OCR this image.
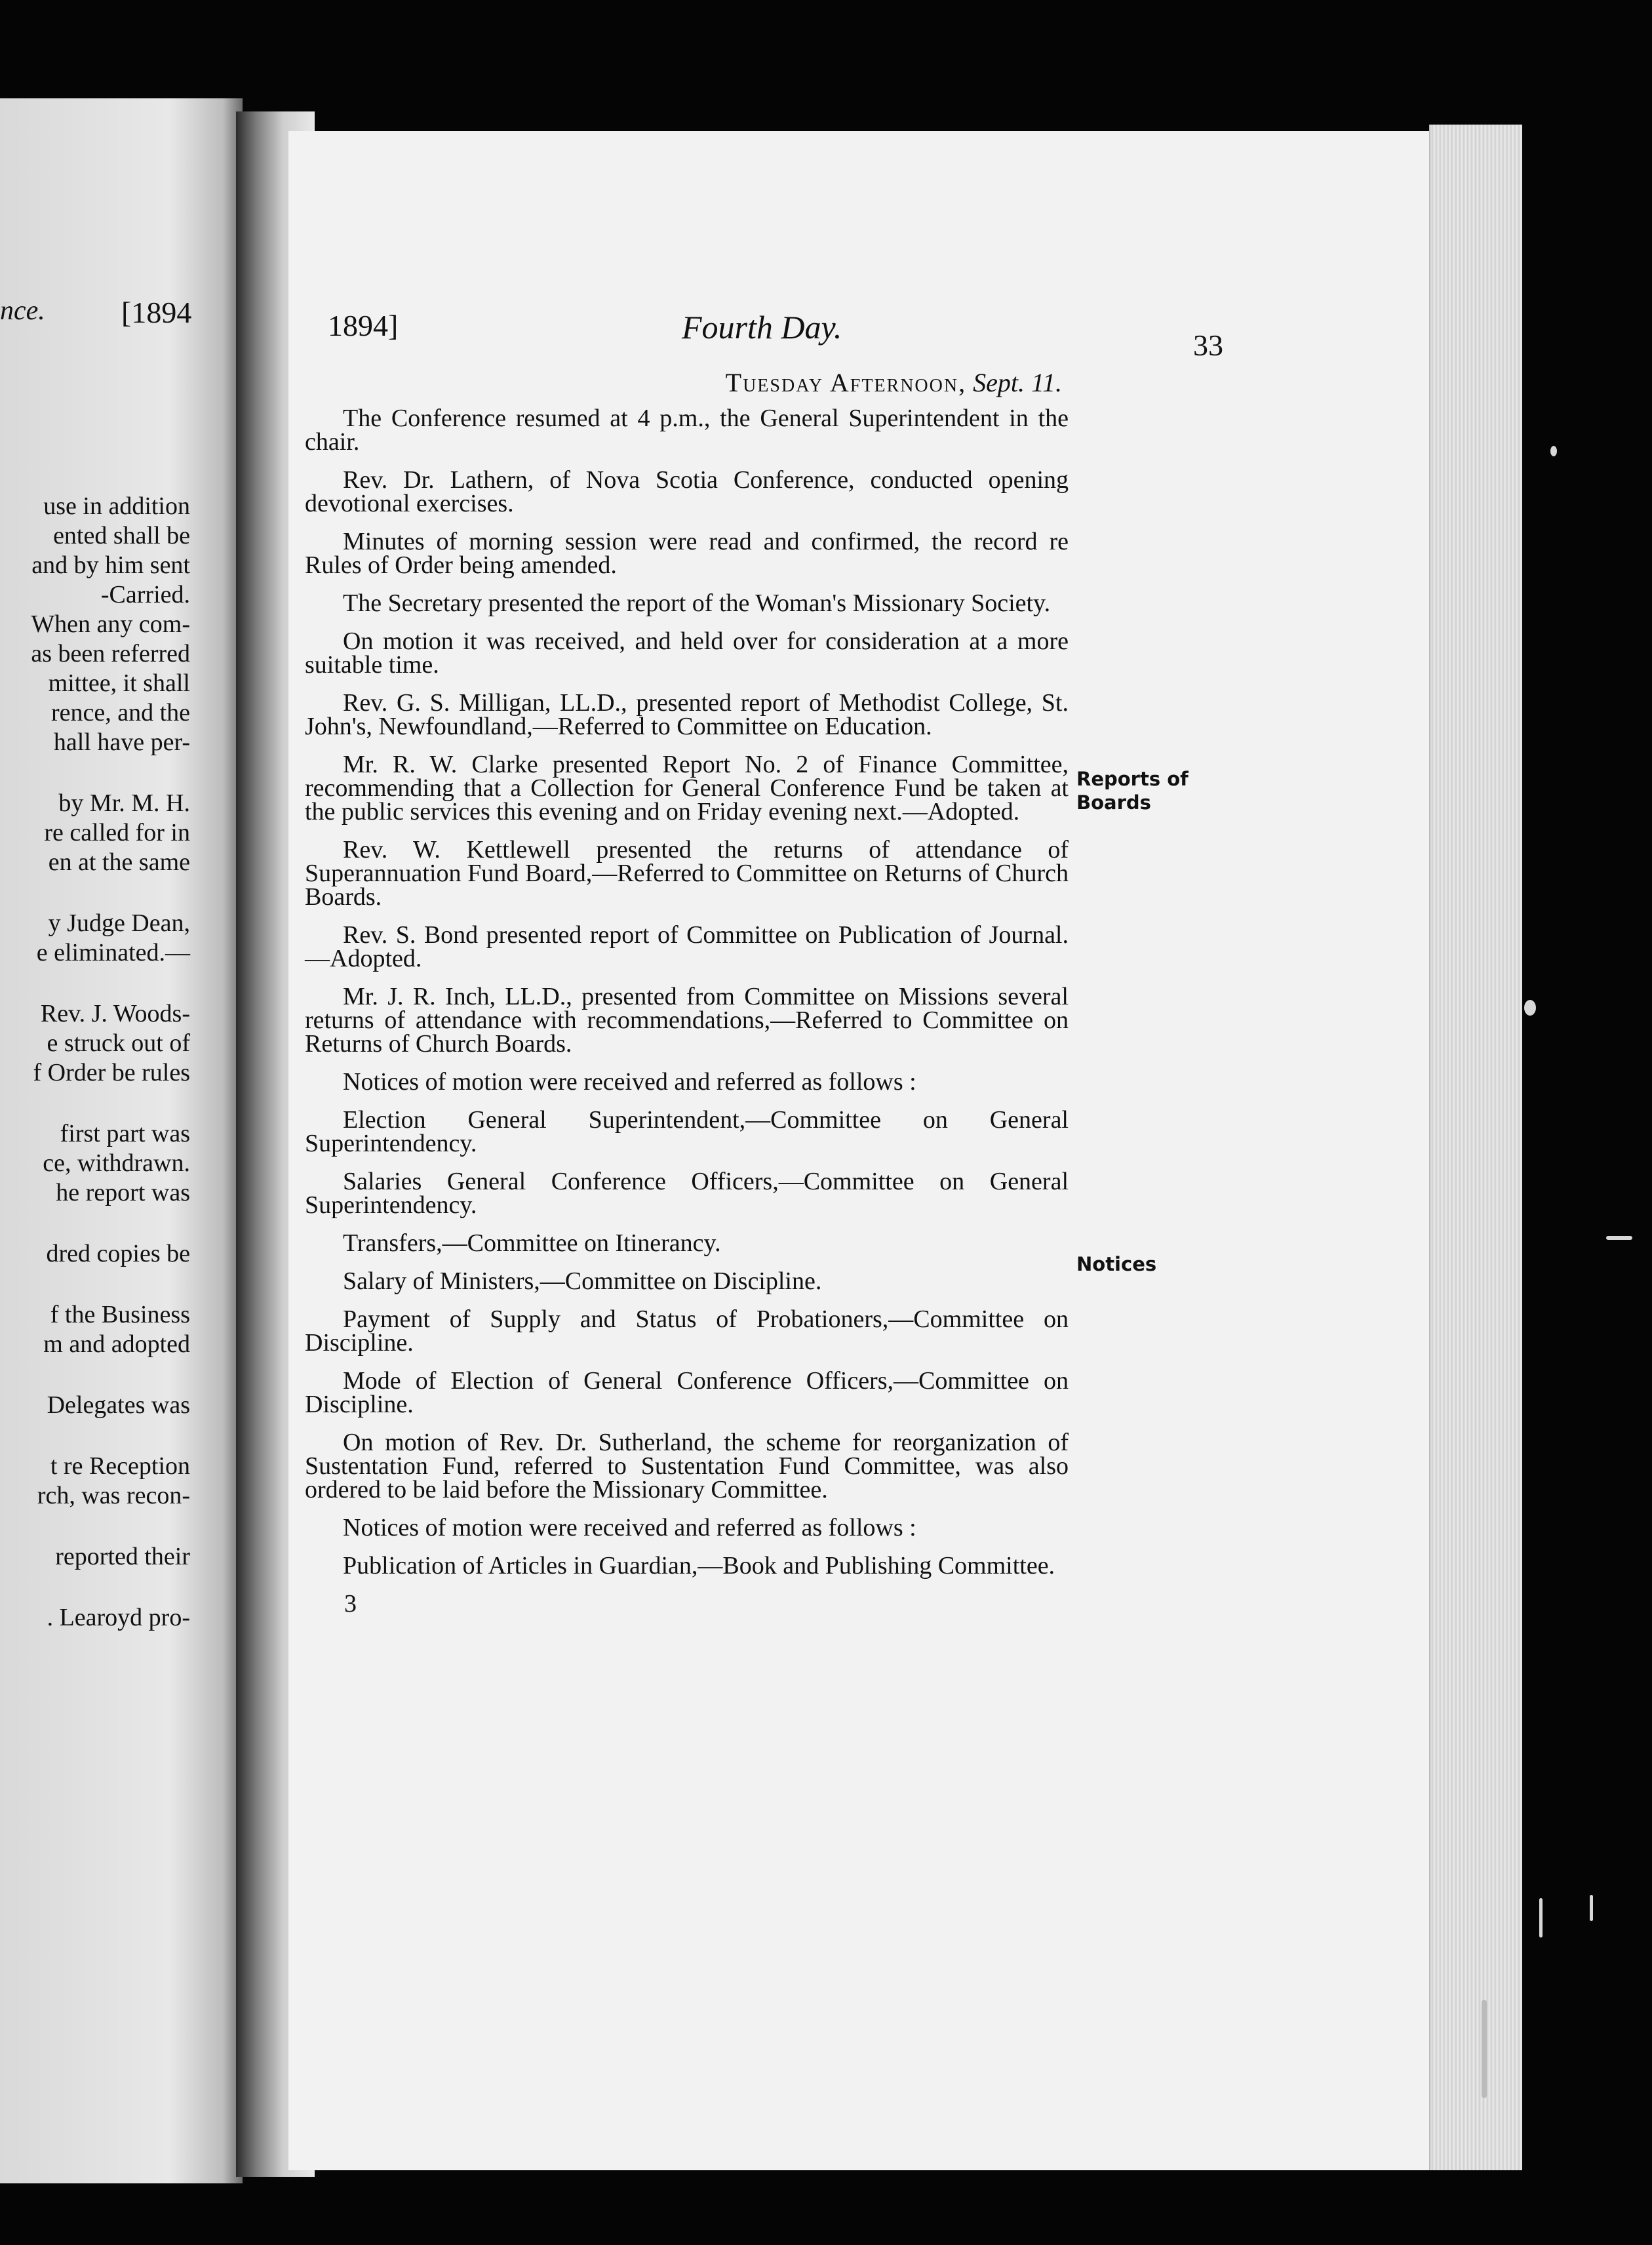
nce.	[1894
use in addition
ented shall be
and by him sent
-Carried.
When any com-
as been referred
mittee, it shall
rence, and the
hall have per-
by Mr. M. H.
re called for in
en at the same
y Judge Dean,
e eliminated.—
Rev. J. Woods-
e struck out of
f Order be rules
first part was
ce, withdrawn.
he report was
dred copies be
f the Business
m and adopted
Delegates was
t re Reception
rch, was recon-
reported their
. Learoyd pro-
1894]	Fourth Day.	33
Tuesday Afternoon, Sept. 11.

The Conference resumed at 4 p.m., the General Superintendent in the chair.

Rev. Dr. Lathern, of Nova Scotia Conference, conducted opening devotional exercises.

Minutes of morning session were read and confirmed, the record re Rules of Order being amended.

The Secretary presented the report of the Woman's Missionary Society.

On motion it was received, and held over for consideration at a more suitable time.

Rev. G. S. Milligan, LL.D., presented report of Methodist College, St. John's, Newfoundland,—Referred to Committee on Education.

Mr. R. W. Clarke presented Report No. 2 of Finance Committee, recommending that a Collection for General Conference Fund be taken at the public services this evening and on Friday evening next.—Adopted.

Rev. W. Kettlewell presented the returns of attendance of Superannuation Fund Board,—Referred to Committee on Returns of Church Boards.

Rev. S. Bond presented report of Committee on Publication of Journal.—Adopted.

Mr. J. R. Inch, LL.D., presented from Committee on Missions several returns of attendance with recommendations,—Referred to Committee on Returns of Church Boards.

Notices of motion were received and referred as follows :

Election General Superintendent,—Committee on General Superintendency.

Salaries General Conference Officers,—Committee on General Superintendency.

Transfers,—Committee on Itinerancy.

Salary of Ministers,—Committee on Discipline.

Payment of Supply and Status of Probationers,—Committee on Discipline.

Mode of Election of General Conference Officers,—Committee on Discipline.

On motion of Rev. Dr. Sutherland, the scheme for reorganization of Sustentation Fund, referred to Sustentation Fund Committee, was also ordered to be laid before the Missionary Committee.

Notices of motion were received and referred as follows :

Publication of Articles in Guardian,—Book and Publishing Committee.

3
Reports of Boards
Notices
